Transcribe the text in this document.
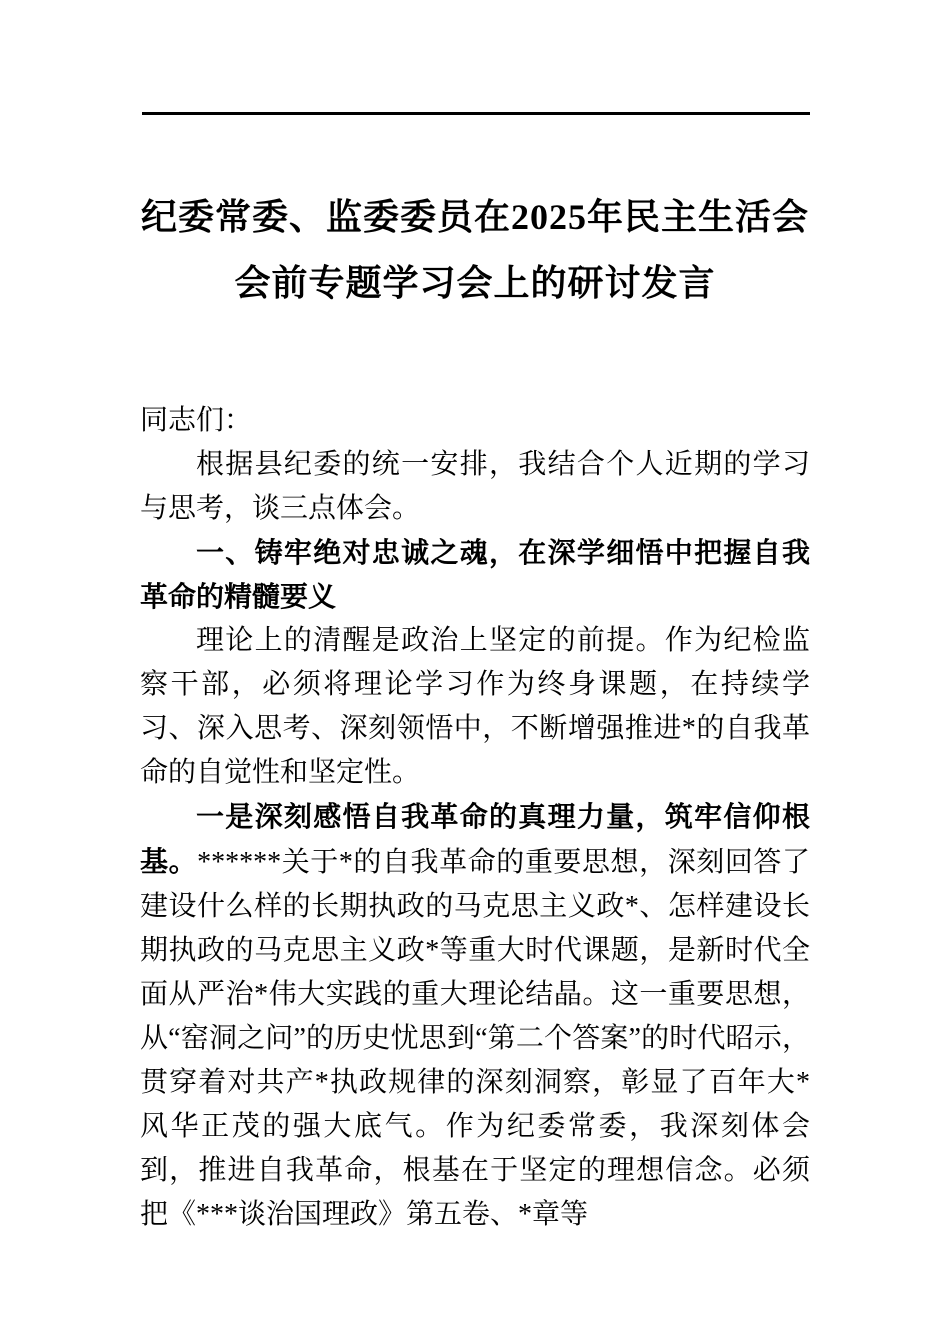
纪委常委、监委委员在2025年民主生活会
会前专题学习会上的研讨发言

同志们：

根据县纪委的统一安排，我结合个人近期的学习与思考，谈三点体会。

一、铸牢绝对忠诚之魂，在深学细悟中把握自我革命的精髓要义

理论上的清醒是政治上坚定的前提。作为纪检监察干部，必须将理论学习作为终身课题，在持续学习、深入思考、深刻领悟中，不断增强推进*的自我革命的自觉性和坚定性。

一是深刻感悟自我革命的真理力量，筑牢信仰根基。******关于*的自我革命的重要思想，深刻回答了建设什么样的长期执政的马克思主义政*、怎样建设长期执政的马克思主义政*等重大时代课题，是新时代全面从严治*伟大实践的重大理论结晶。这一重要思想，从“窑洞之问”的历史忧思到“第二个答案”的时代昭示，贯穿着对共产*执政规律的深刻洞察，彰显了百年大*风华正茂的强大底气。作为纪委常委，我深刻体会到，推进自我革命，根基在于坚定的理想信念。必须把《***谈治国理政》第五卷、*章等
